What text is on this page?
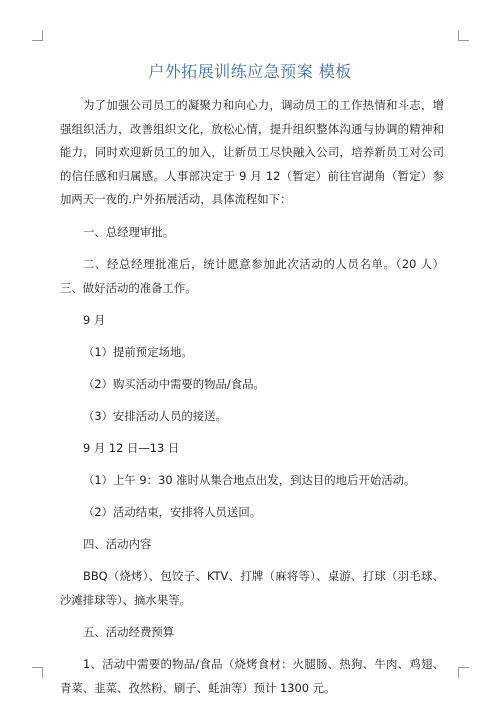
户外拓展训练应急预案 模板

为了加强公司员工的凝聚力和向心力，调动员工的工作热情和斗志，增强组织活力，改善组织文化，放松心情，提升组织整体沟通与协调的精神和能力，同时欢迎新员工的加入，让新员工尽快融入公司，培养新员工对公司的信任感和归属感。人事部决定于 9 月 12（暂定）前往官湖角（暂定）参加两天一夜的.户外拓展活动，具体流程如下：

一、总经理审批。

二、经总经理批准后，统计愿意参加此次活动的人员名单。（20 人）三、做好活动的准备工作。

9 月

（1）提前预定场地。

（2）购买活动中需要的物品/食品。

（3）安排活动人员的接送。

9 月 12 日—13 日

（1）上午 9：30 准时从集合地点出发，到达目的地后开始活动。

（2）活动结束，安排将人员送回。

四、活动内容

BBQ（烧烤）、包饺子、KTV、打牌（麻将等）、桌游、打球（羽毛球、沙滩排球等）、摘水果等。

五、活动经费预算

1、活动中需要的物品/食品（烧烤食材：火腿肠、热狗、牛肉、鸡翅、青菜、韭菜、孜然粉、刷子、蚝油等）预计 1300 元。
